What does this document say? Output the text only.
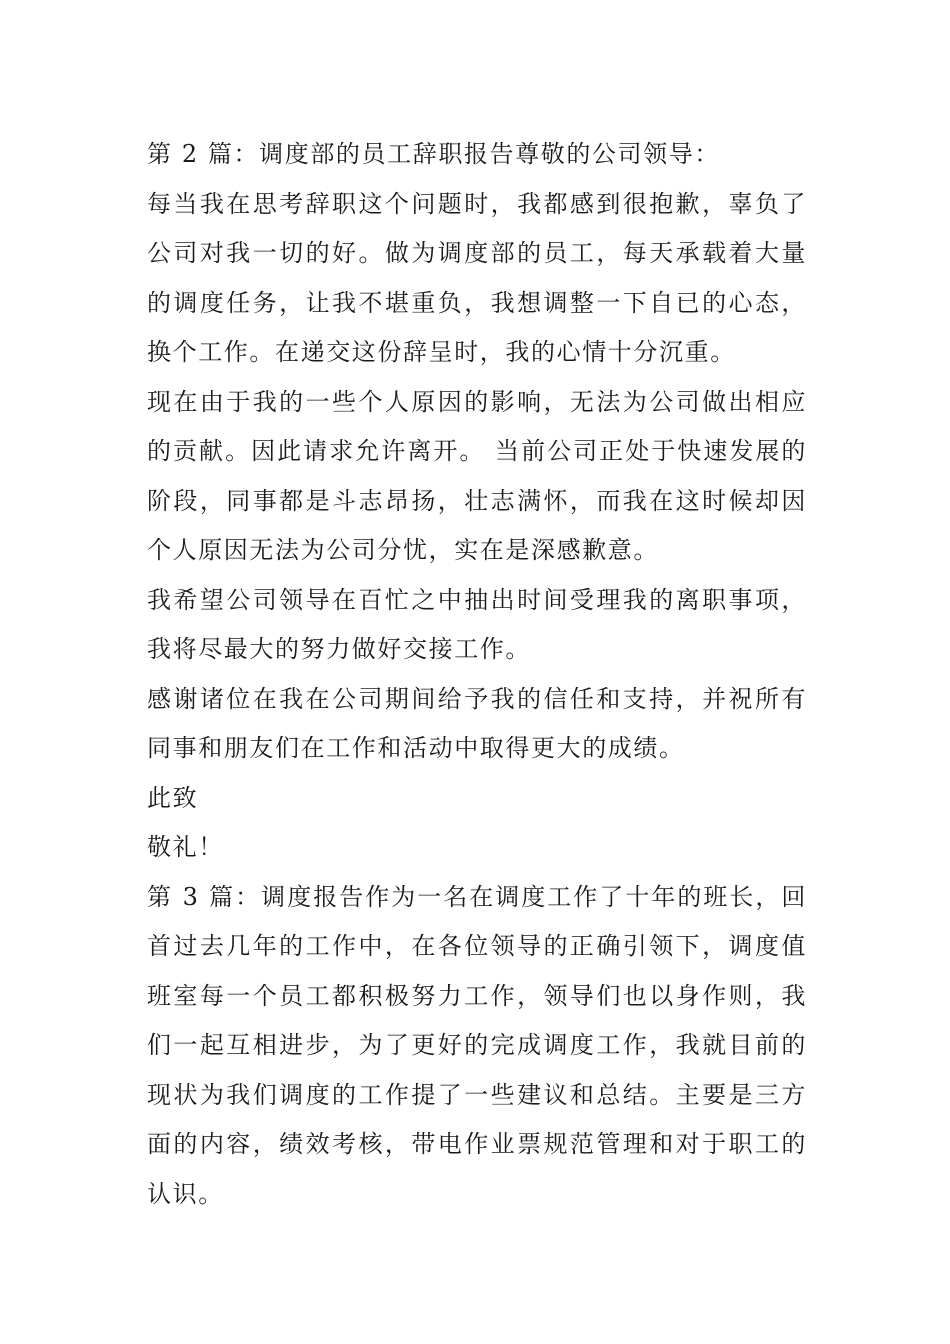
第 2 篇：调度部的员工辞职报告尊敬的公司领导：

每当我在思考辞职这个问题时，我都感到很抱歉，辜负了公司对我一切的好。做为调度部的员工，每天承载着大量的调度任务，让我不堪重负，我想调整一下自已的心态，换个工作。在递交这份辞呈时，我的心情十分沉重。

现在由于我的一些个人原因的影响，无法为公司做出相应的贡献。因此请求允许离开。 当前公司正处于快速发展的阶段，同事都是斗志昂扬，壮志满怀，而我在这时候却因个人原因无法为公司分忧，实在是深感歉意。

我希望公司领导在百忙之中抽出时间受理我的离职事项，我将尽最大的努力做好交接工作。

感谢诸位在我在公司期间给予我的信任和支持，并祝所有同事和朋友们在工作和活动中取得更大的成绩。

此致

敬礼！

第 3 篇：调度报告作为一名在调度工作了十年的班长，回首过去几年的工作中，在各位领导的正确引领下，调度值班室每一个员工都积极努力工作，领导们也以身作则，我们一起互相进步，为了更好的完成调度工作，我就目前的现状为我们调度的工作提了一些建议和总结。主要是三方面的内容，绩效考核，带电作业票规范管理和对于职工的认识。
